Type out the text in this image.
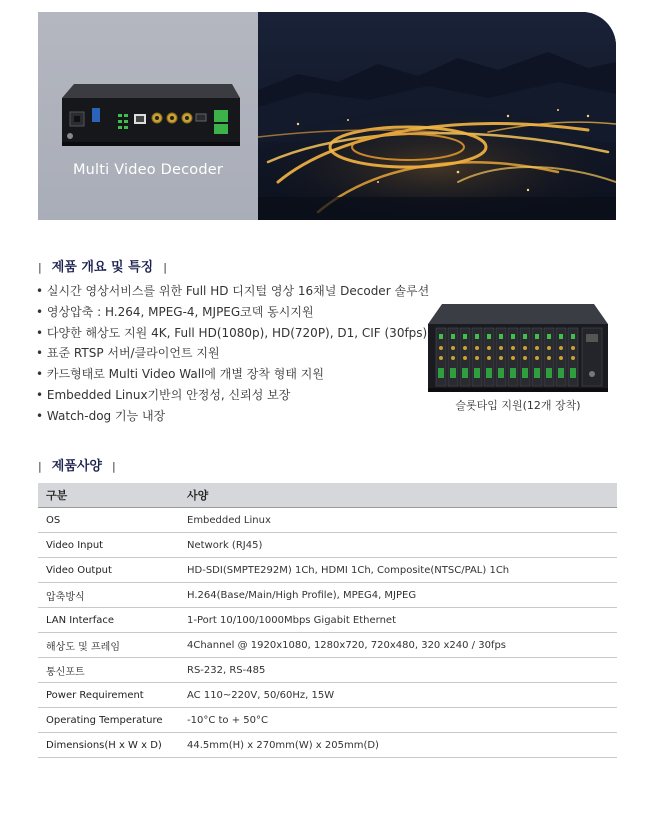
Multi Video Decoder
| 제품 개요 및 특징 |
• 실시간 영상서비스를 위한 Full HD 디지털 영상 16채널 Decoder 솔루션
• 영상압축 : H.264, MPEG-4, MJPEG코덱 동시지원
• 다양한 해상도 지원 4K, Full HD(1080p), HD(720P), D1, CIF (30fps)
• 표준 RTSP 서버/클라이언트 지원
• 카드형태로 Multi Video Wall에 개별 장착 형태 지원
• Embedded Linux기반의 안정성, 신뢰성 보장
• Watch-dog 기능 내장
슬롯타입 지원(12개 장착)
| 제품사양 |
구분	사양
OS	Embedded Linux
Video Input	Network (RJ45)
Video Output	HD-SDI(SMPTE292M) 1Ch, HDMI 1Ch, Composite(NTSC/PAL) 1Ch
압축방식	H.264(Base/Main/High Profile), MPEG4, MJPEG
LAN Interface	1-Port 10/100/1000Mbps Gigabit Ethernet
해상도 및 프레임	4Channel @ 1920x1080, 1280x720, 720x480, 320 x240 / 30fps
통신포트	RS-232, RS-485
Power Requirement	AC 110~220V, 50/60Hz, 15W
Operating Temperature	-10°C to + 50°C
Dimensions(H x W x D)	44.5mm(H) x 270mm(W) x 205mm(D)
